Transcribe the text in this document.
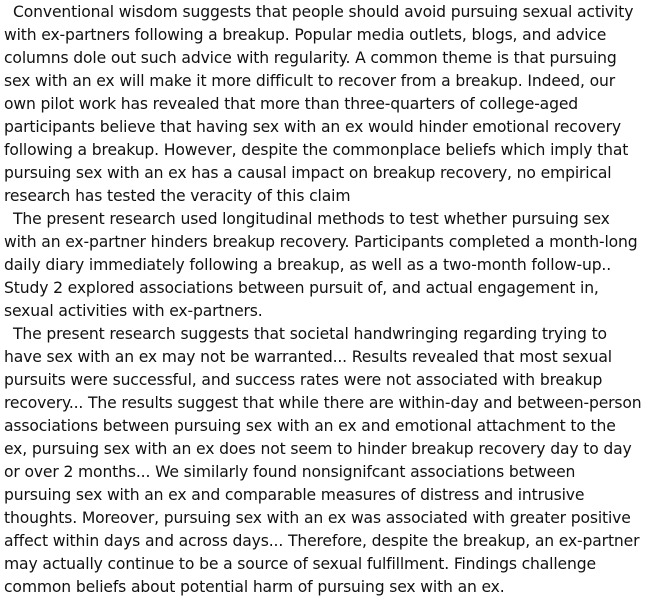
Conventional wisdom suggests that people should avoid pursuing sexual activity with ex-partners following a breakup. Popular media outlets, blogs, and advice columns dole out such advice with regularity. A common theme is that pursuing sex with an ex will make it more difficult to recover from a breakup. Indeed, our own pilot work has revealed that more than three-quarters of college-aged participants believe that having sex with an ex would hinder emotional recovery following a breakup. However, despite the commonplace beliefs which imply that pursuing sex with an ex has a causal impact on breakup recovery, no empirical research has tested the veracity of this claim

The present research used longitudinal methods to test whether pursuing sex with an ex-partner hinders breakup recovery. Participants completed a month-long daily diary immediately following a breakup, as well as a two-month follow-up.. Study 2 explored associations between pursuit of, and actual engagement in, sexual activities with ex-partners.

The present research suggests that societal handwringing regarding trying to have sex with an ex may not be warranted... Results revealed that most sexual pursuits were successful, and success rates were not associated with breakup recovery... The results suggest that while there are within-day and between-person associations between pursuing sex with an ex and emotional attachment to the ex, pursuing sex with an ex does not seem to hinder breakup recovery day to day or over 2 months... We similarly found nonsignifcant associations between pursuing sex with an ex and comparable measures of distress and intrusive thoughts. Moreover, pursuing sex with an ex was associated with greater positive affect within days and across days... Therefore, despite the breakup, an ex-partner may actually continue to be a source of sexual fulfillment. Findings challenge common beliefs about potential harm of pursuing sex with an ex.
